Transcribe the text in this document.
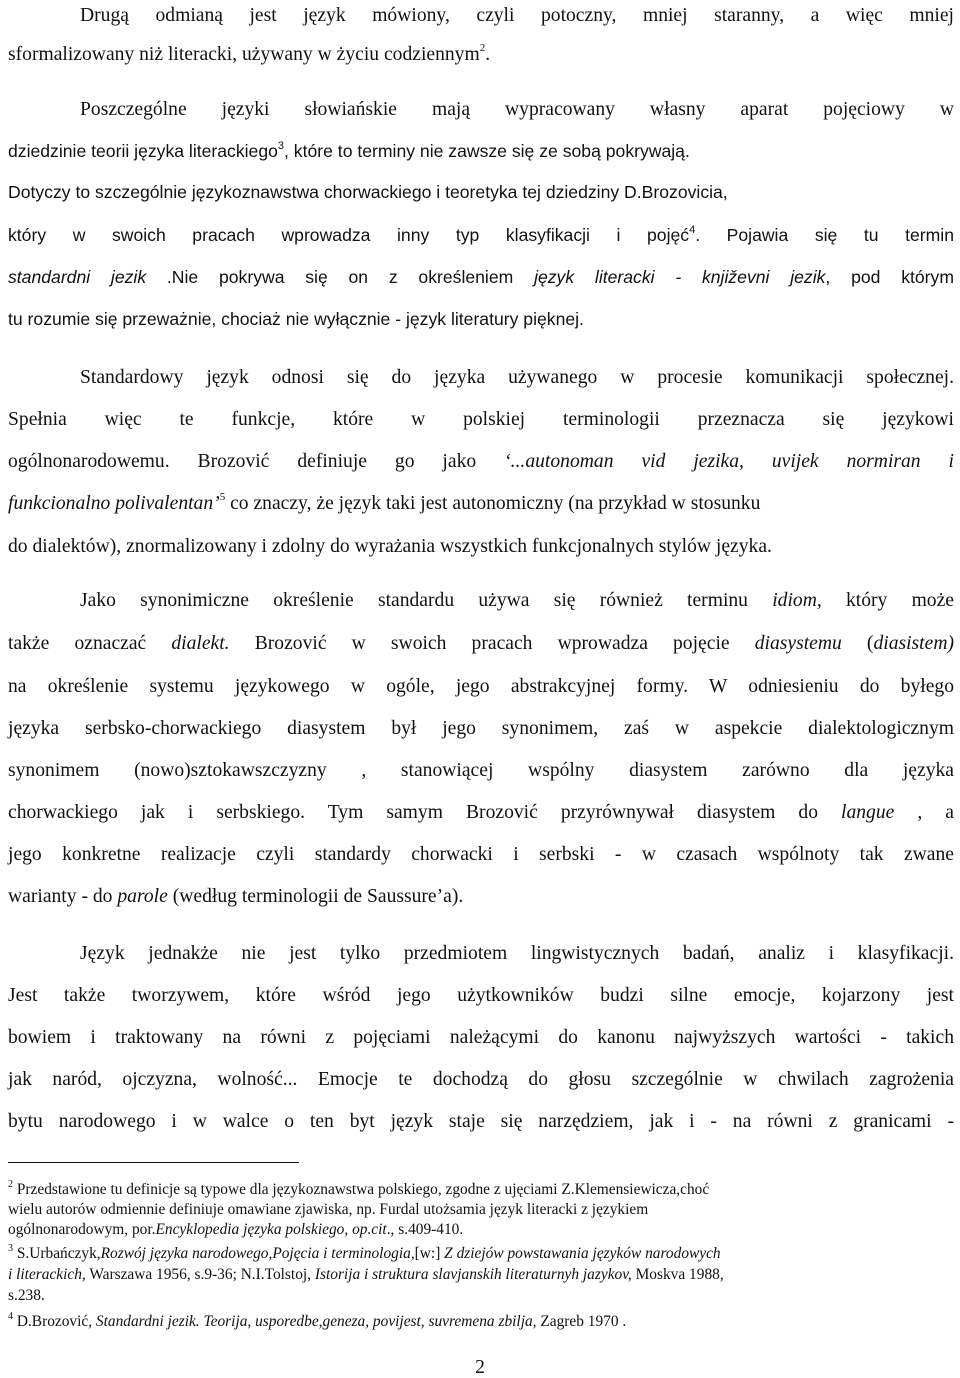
Drugą odmianą jest język mówiony, czyli potoczny, mniej staranny, a więc mniej

sformalizowany niż literacki, używany w życiu codziennym$^2$.

Poszczególne języki słowiańskie mają wypracowany własny aparat pojęciowy w

dziedzinie teorii języka literackiego$^3$, które to terminy nie zawsze się ze sobą pokrywają.

Dotyczy to szczególnie językoznawstwa chorwackiego i teoretyka tej dziedziny D.Brozovicia,

który w swoich pracach wprowadza inny typ klasyfikacji i pojęć$^4$. Pojawia się tu termin

standardni jezik .Nie pokrywa się on z określeniem język literacki - književni jezik, pod którym

tu rozumie się przeważnie, chociaż nie wyłącznie - język literatury pięknej.

Standardowy język odnosi się do języka używanego w procesie komunikacji społecznej.

Spełnia więc te funkcje, które w polskiej terminologii przeznacza się językowi

ogólnonarodowemu. Brozović definiuje go jako ‘...autonoman vid jezika, uvijek normiran i

funkcionalno polivalentan’$^5$ co znaczy, że język taki jest autonomiczny (na przykład w stosunku

do dialektów), znormalizowany i zdolny do wyrażania wszystkich funkcjonalnych stylów języka.

Jako synonimiczne określenie standardu używa się również terminu idiom, który może

także oznaczać dialekt. Brozović w swoich pracach wprowadza pojęcie diasystemu (diasistem)

na określenie systemu językowego w ogóle, jego abstrakcyjnej formy. W odniesieniu do byłego

języka serbsko-chorwackiego diasystem był jego synonimem, zaś w aspekcie dialektologicznym

synonimem (nowo)sztokawszczyzny , stanowiącej wspólny diasystem zarówno dla języka

chorwackiego jak i serbskiego. Tym samym Brozović przyrównywał diasystem do langue , a

jego konkretne realizacje czyli standardy chorwacki i serbski - w czasach wspólnoty tak zwane

warianty - do parole (według terminologii de Saussure’a).

Język jednakże nie jest tylko przedmiotem lingwistycznych badań, analiz i klasyfikacji.

Jest także tworzywem, które wśród jego użytkowników budzi silne emocje, kojarzony jest

bowiem i traktowany na równi z pojęciami należącymi do kanonu najwyższych wartości - takich

jak naród, ojczyzna, wolność... Emocje te dochodzą do głosu szczególnie w chwilach zagrożenia

bytu narodowego i w walce o ten byt język staje się narzędziem, jak i - na równi z granicami -

$^2$ Przedstawione tu definicje są typowe dla językoznawstwa polskiego, zgodne z ujęciami Z.Klemensiewicza,choć

wielu autorów odmiennie definiuje omawiane zjawiska, np. Furdal utożsamia język literacki z językiem

ogólnonarodowym, por.Encyklopedia języka polskiego, op.cit., s.409-410.

$^3$ S.Urbańczyk,Rozwój języka narodowego,Pojęcia i terminologia,[w:] Z dziejów powstawania języków narodowych

i literackich, Warszawa 1956, s.9-36; N.I.Tolstoj, Istorija i struktura slavjanskih literaturnyh jazykov, Moskva 1988,

s.238.

$^4$ D.Brozović, Standardni jezik. Teorija, usporedbe,geneza, povijest, suvremena zbilja, Zagreb 1970 .

2
